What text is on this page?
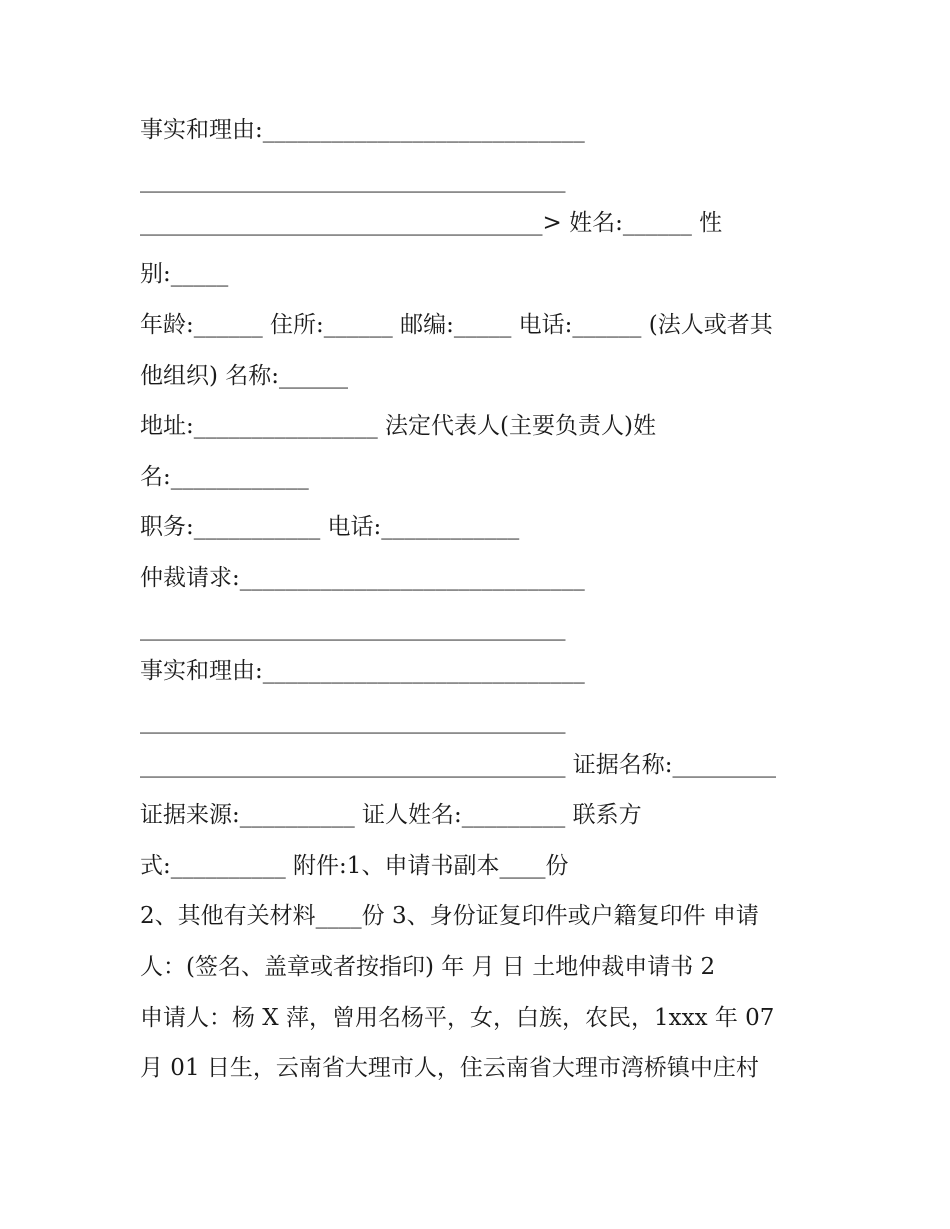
事实和理由:____________________________
_____________________________________
___________________________________> 姓名:______ 性
别:_____
年龄:______ 住所:______ 邮编:_____ 电话:______ (法人或者其
他组织) 名称:______
地址:________________ 法定代表人(主要负责人)姓
名:____________
职务:___________ 电话:____________
仲裁请求:______________________________
_____________________________________
事实和理由:____________________________
_____________________________________
_____________________________________ 证据名称:_________
证据来源:__________ 证人姓名:_________ 联系方
式:__________ 附件:1、申请书副本____份
2、其他有关材料____份 3、身份证复印件或户籍复印件 申请
人：(签名、盖章或者按指印) 年 月 日 土地仲裁申请书 2
申请人：杨 X 萍，曾用名杨平，女，白族，农民，1xxx 年 07
月 01 日生，云南省大理市人，住云南省大理市湾桥镇中庄村
